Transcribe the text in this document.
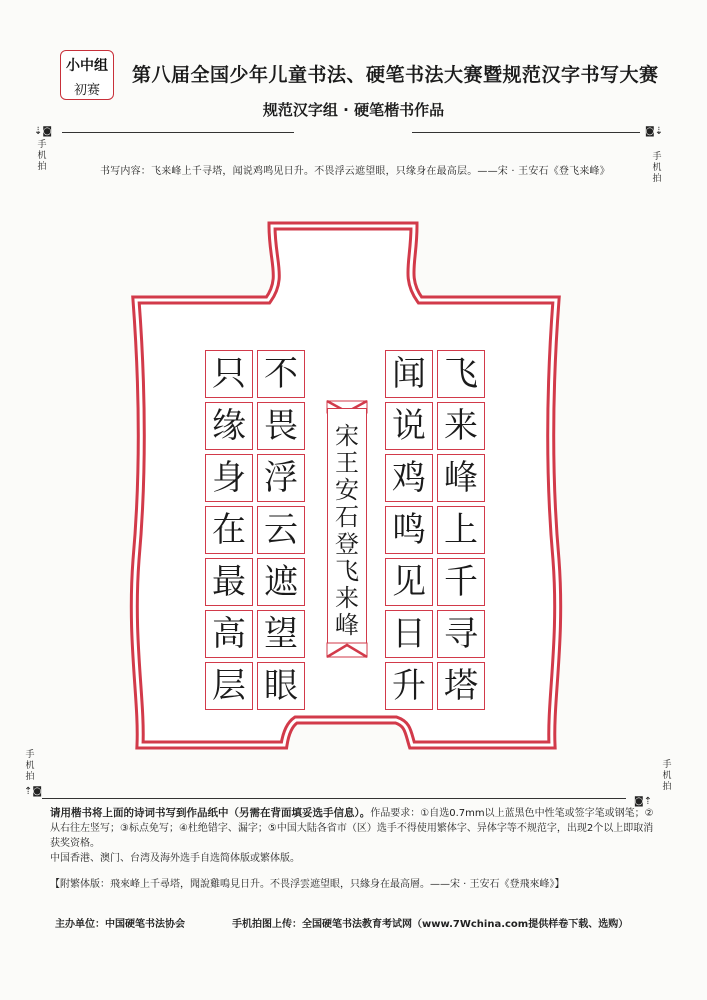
小中组
初赛
第八届全国少年儿童书法、硬笔书法大赛暨规范汉字书写大赛
规范汉字组 · 硬笔楷书作品
⇣◙
手机拍
◙⇣
手机拍
书写内容：飞来峰上千寻塔，闻说鸡鸣见日升。不畏浮云遮望眼，只缘身在最高层。——宋 · 王安石《登飞来峰》
飞
来
峰
上
千
寻
塔
闻
说
鸡
鸣
见
日
升
不
畏
浮
云
遮
望
眼
只
缘
身
在
最
高
层
宋
王
安
石
登
飞
来
峰
手机拍
⇡◙
手机拍
◙⇡
请用楷书将上面的诗词书写到作品纸中（另需在背面填妥选手信息）。作品要求：①自选0.7mm以上蓝黑色中性笔或签字笔或钢笔；②从右往左竖写；③标点免写；④杜绝错字、漏字；⑤中国大陆各省市（区）选手不得使用繁体字、异体字等不规范字，出现2个以上即取消获奖资格。
中国香港、澳门、台湾及海外选手自选简体版或繁体版。
【附繁体版：飛來峰上千尋塔，聞說雞鳴見日升。不畏浮雲遮望眼，只緣身在最高層。——宋 · 王安石《登飛來峰》】
主办单位：中国硬笔书法协会	手机拍图上传：全国硬笔书法教育考试网（www.7Wchina.com提供样卷下载、选购）
